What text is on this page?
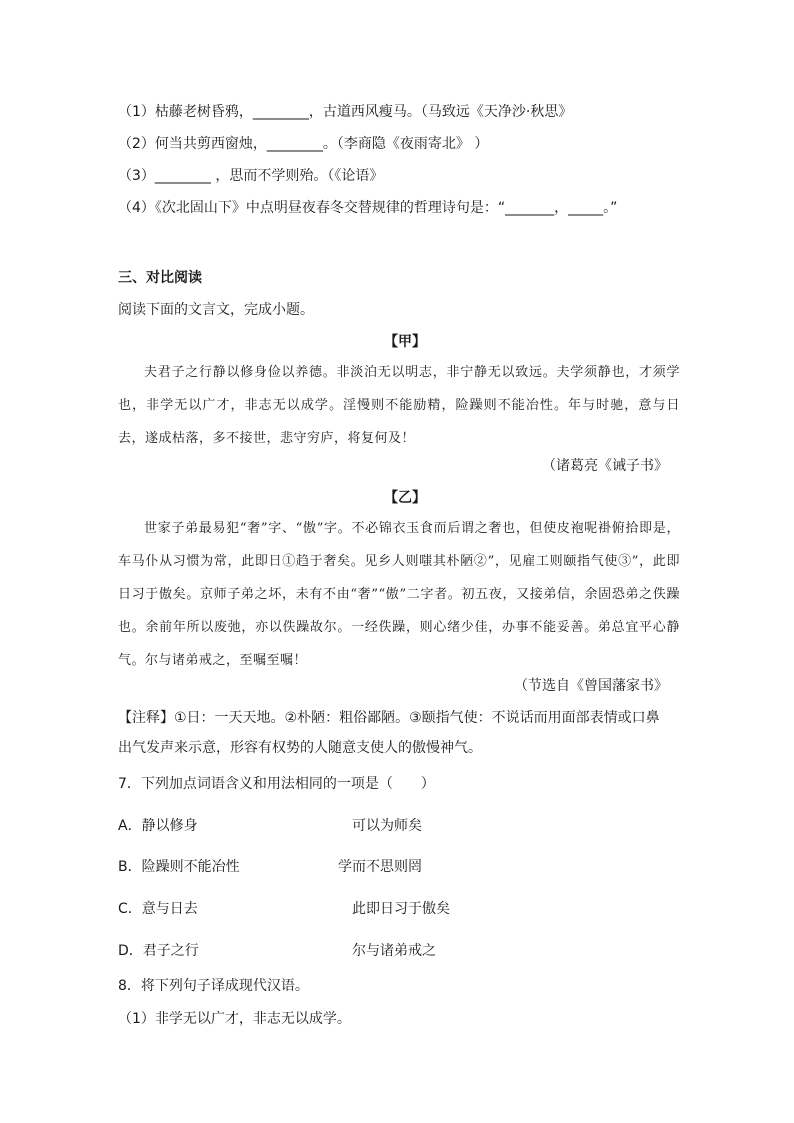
（1）枯藤老树昏鸦，________，古道西风瘦马。（马致远《天净沙·秋思》
（2）何当共剪西窗烛，________。（李商隐《夜雨寄北》 ）
（3）________ ，思而不学则殆。（《论语》
（4）《次北固山下》中点明昼夜春冬交替规律的哲理诗句是：“_______，_____。”
三、对比阅读
阅读下面的文言文，完成小题。
【甲】
夫君子之行静以修身俭以养德。非淡泊无以明志，非宁静无以致远。夫学须静也，才须学也，非学无以广才，非志无以成学。淫慢则不能励精，险躁则不能冶性。年与时驰，意与日去，遂成枯落，多不接世，悲守穷庐，将复何及！
（诸葛亮《诫子书》
【乙】
世家子弟最易犯“奢”字、“傲”字。不必锦衣玉食而后谓之奢也，但使皮袍呢褂俯拾即是，车马仆从习惯为常，此即日①趋于奢矣。见乡人则嗤其朴陋②”，见雇工则颐指气使③”，此即日习于傲矣。京师子弟之坏，未有不由“奢”“傲”二字者。初五夜，又接弟信，余固恐弟之佚躁也。余前年所以废弛，亦以佚躁故尔。一经佚躁，则心绪少佳，办事不能妥善。弟总宜平心静气。尔与诸弟戒之，至嘱至嘱！
（节选自《曾国藩家书》
【注释】①日：一天天地。②朴陋：粗俗鄙陋。③颐指气使：不说话而用面部表情或口鼻
出气发声来示意，形容有权势的人随意支使人的傲慢神气。
7．下列加点词语含义和用法相同的一项是（　　）
A．静以修身	可以为师矣
B．险躁则不能冶性	学而不思则罔
C．意与日去	此即日习于傲矣
D．君子之行	尔与诸弟戒之
8．将下列句子译成现代汉语。
（1）非学无以广才，非志无以成学。
